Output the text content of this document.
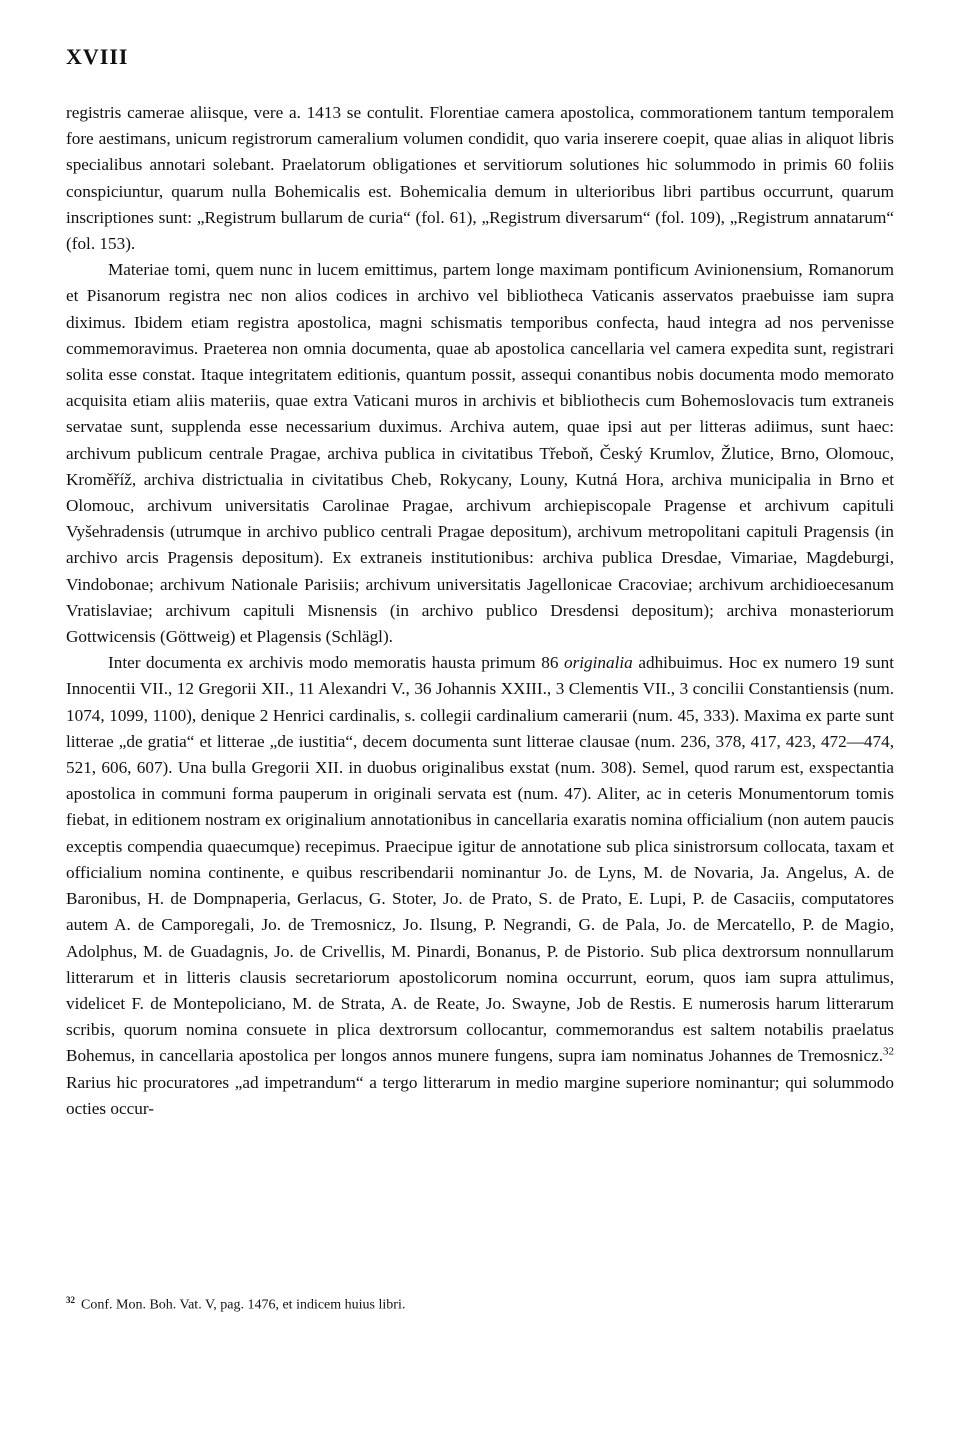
XVIII

registris camerae aliisque, vere a. 1413 se contulit. Florentiae camera apostolica, commorationem tantum temporalem fore aestimans, unicum registrorum cameralium volumen condidit, quo varia inserere coepit, quae alias in aliquot libris specialibus annotari solebant. Praelatorum obligationes et servitiorum solutiones hic solummodo in primis 60 foliis conspiciuntur, quarum nulla Bohemicalis est. Bohemicalia demum in ulterioribus libri partibus occurrunt, quarum inscriptiones sunt: „Registrum bullarum de curia“ (fol. 61), „Registrum diversarum“ (fol. 109), „Registrum annatarum“ (fol. 153).

Materiae tomi, quem nunc in lucem emittimus, partem longe maximam pontificum Avinionensium, Romanorum et Pisanorum registra nec non alios codices in archivo vel bibliotheca Vaticanis asservatos praebuisse iam supra diximus. Ibidem etiam registra apostolica, magni schismatis temporibus confecta, haud integra ad nos pervenisse commemoravimus. Praeterea non omnia documenta, quae ab apostolica cancellaria vel camera expedita sunt, registrari solita esse constat. Itaque integritatem editionis, quantum possit, assequi conantibus nobis documenta modo memorato acquisita etiam aliis materiis, quae extra Vaticani muros in archivis et bibliothecis cum Bohemoslovacis tum extraneis servatae sunt, supplenda esse necessarium duximus. Archiva autem, quae ipsi aut per litteras adiimus, sunt haec: archivum publicum centrale Pragae, archiva publica in civitatibus Třeboň, Český Krumlov, Žlutice, Brno, Olomouc, Kroměříž, archiva districtualia in civitatibus Cheb, Rokycany, Louny, Kutná Hora, archiva municipalia in Brno et Olomouc, archivum universitatis Carolinae Pragae, archivum archiepiscopale Pragense et archivum capituli Vyšehradensis (utrumque in archivo publico centrali Pragae depositum), archivum metropolitani capituli Pragensis (in archivo arcis Pragensis depositum). Ex extraneis institutionibus: archiva publica Dresdae, Vimariae, Magdeburgi, Vindobonae; archivum Nationale Parisiis; archivum universitatis Jagellonicae Cracoviae; archivum archidioecesanum Vratislaviae; archivum capituli Misnensis (in archivo publico Dresdensi depositum); archiva monasteriorum Gottwicensis (Göttweig) et Plagensis (Schlägl).

Inter documenta ex archivis modo memoratis hausta primum 86 originalia adhibuimus. Hoc ex numero 19 sunt Innocentii VII., 12 Gregorii XII., 11 Alexandri V., 36 Johannis XXIII., 3 Clementis VII., 3 concilii Constantiensis (num. 1074, 1099, 1100), denique 2 Henrici cardinalis, s. collegii cardinalium camerarii (num. 45, 333). Maxima ex parte sunt litterae „de gratia“ et litterae „de iustitia“, decem documenta sunt litterae clausae (num. 236, 378, 417, 423, 472—474, 521, 606, 607). Una bulla Gregorii XII. in duobus originalibus exstat (num. 308). Semel, quod rarum est, exspectantia apostolica in communi forma pauperum in originali servata est (num. 47). Aliter, ac in ceteris Monumentorum tomis fiebat, in editionem nostram ex originalium annotationibus in cancellaria exaratis nomina officialium (non autem paucis exceptis compendia quaecumque) recepimus. Praecipue igitur de annotatione sub plica sinistrorsum collocata, taxam et officialium nomina continente, e quibus rescribendarii nominantur Jo. de Lyns, M. de Novaria, Ja. Angelus, A. de Baronibus, H. de Dompnaperia, Gerlacus, G. Stoter, Jo. de Prato, S. de Prato, E. Lupi, P. de Casaciis, computatores autem A. de Camporegali, Jo. de Tremosnicz, Jo. Ilsung, P. Negrandi, G. de Pala, Jo. de Mercatello, P. de Magio, Adolphus, M. de Guadagnis, Jo. de Crivellis, M. Pinardi, Bonanus, P. de Pistorio. Sub plica dextrorsum nonnullarum litterarum et in litteris clausis secretariorum apostolicorum nomina occurrunt, eorum, quos iam supra attulimus, videlicet F. de Montepoliciano, M. de Strata, A. de Reate, Jo. Swayne, Job de Restis. E numerosis harum litterarum scribis, quorum nomina consuete in plica dextrorsum collocantur, commemorandus est saltem notabilis praelatus Bohemus, in cancellaria apostolica per longos annos munere fungens, supra iam nominatus Johannes de Tremosnicz.$^{32}$ Rarius hic procuratores „ad impetrandum“ a tergo litterarum in medio margine superiore nominantur; qui solummodo octies occur-

$^{32}$ Conf. Mon. Boh. Vat. V, pag. 1476, et indicem huius libri.
